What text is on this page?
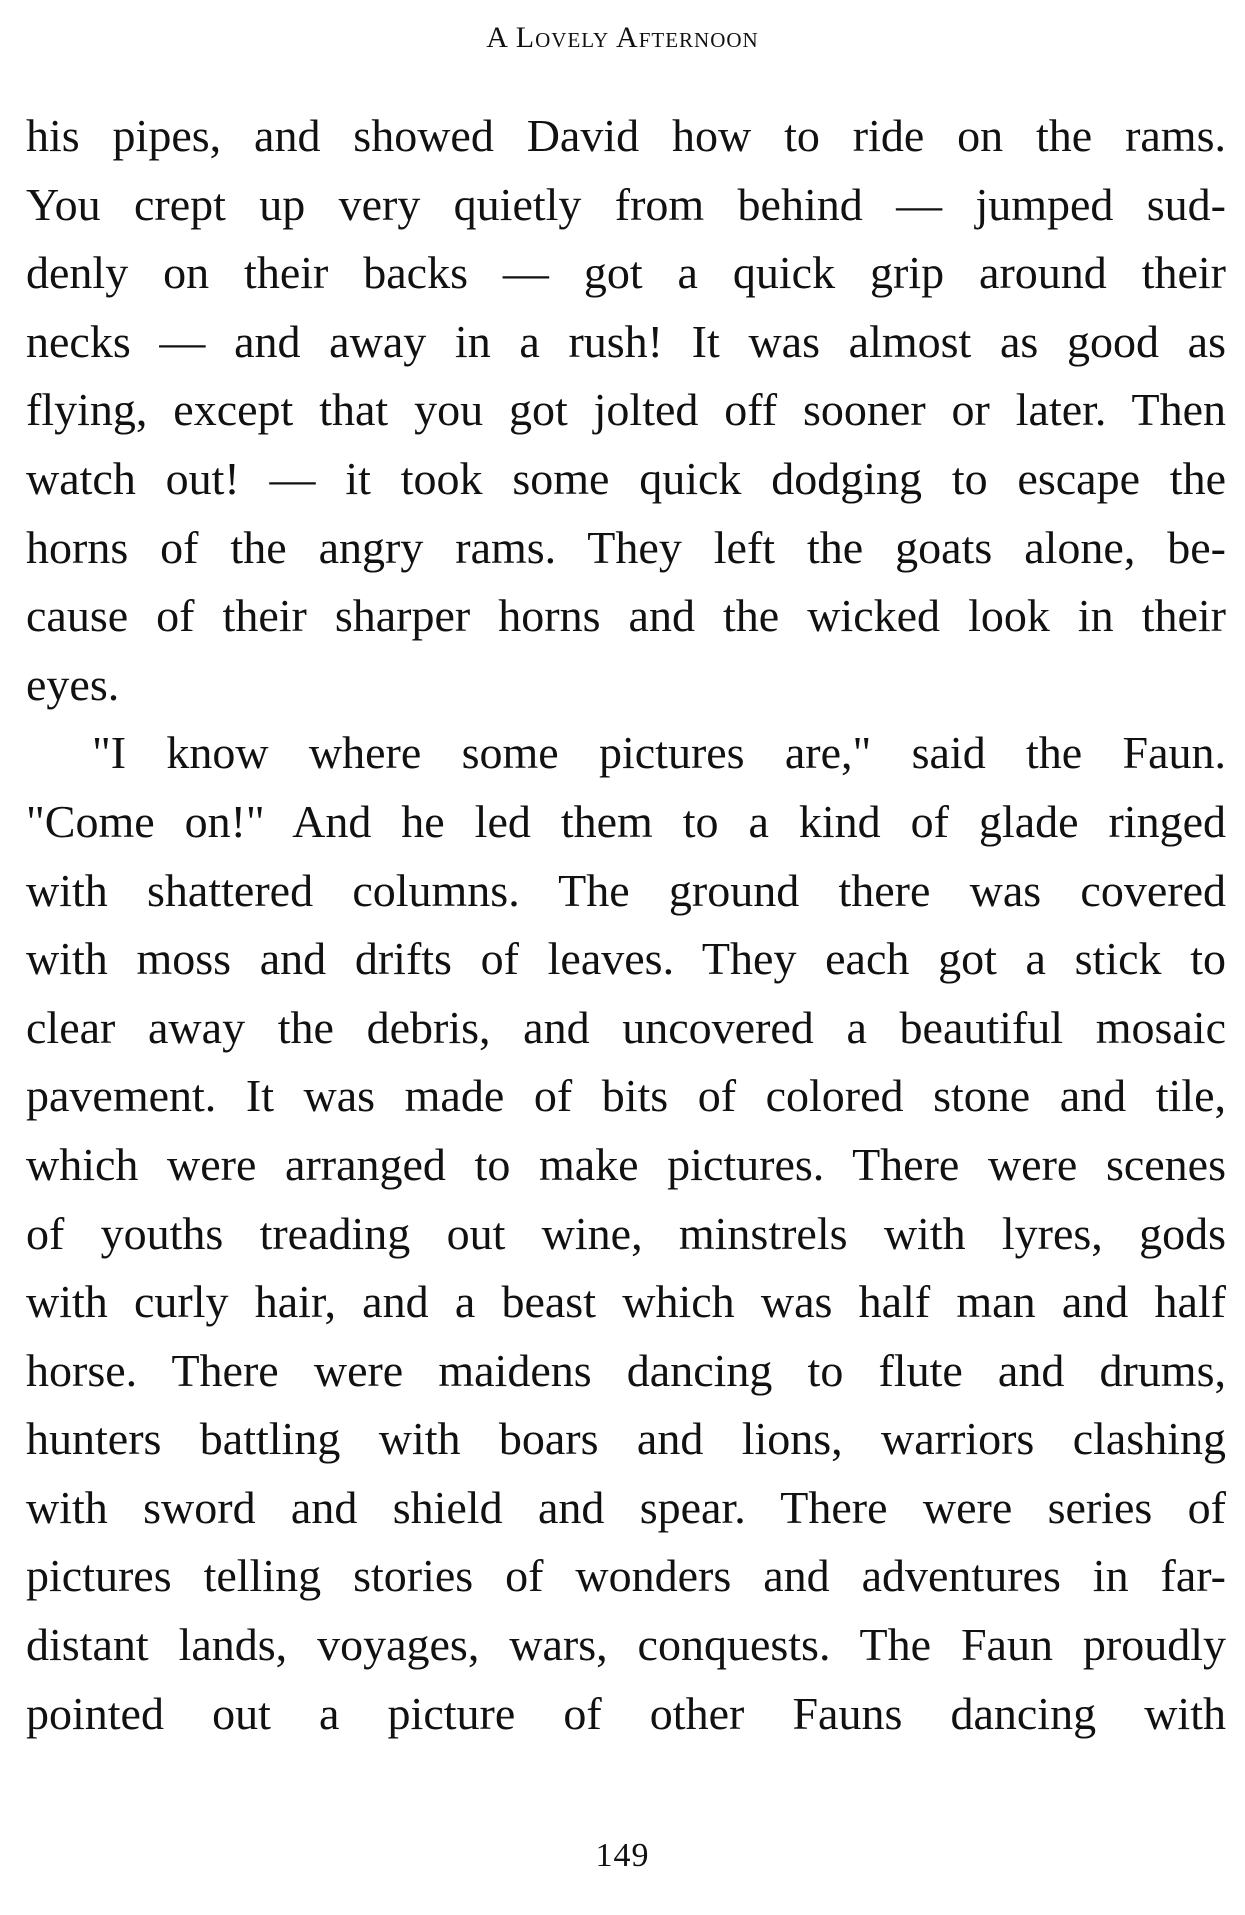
A Lovely Afternoon
his pipes, and showed David how to ride on the rams.
You crept up very quietly from behind — jumped sud-
denly on their backs — got a quick grip around their
necks — and away in a rush! It was almost as good as
flying, except that you got jolted off sooner or later. Then
watch out! — it took some quick dodging to escape the
horns of the angry rams. They left the goats alone, be-
cause of their sharper horns and the wicked look in their
eyes.
"I know where some pictures are," said the Faun.
"Come on!" And he led them to a kind of glade ringed
with shattered columns. The ground there was covered
with moss and drifts of leaves. They each got a stick to
clear away the debris, and uncovered a beautiful mosaic
pavement. It was made of bits of colored stone and tile,
which were arranged to make pictures. There were scenes
of youths treading out wine, minstrels with lyres, gods
with curly hair, and a beast which was half man and half
horse. There were maidens dancing to flute and drums,
hunters battling with boars and lions, warriors clashing
with sword and shield and spear. There were series of
pictures telling stories of wonders and adventures in far-
distant lands, voyages, wars, conquests. The Faun proudly
pointed out a picture of other Fauns dancing with
149
